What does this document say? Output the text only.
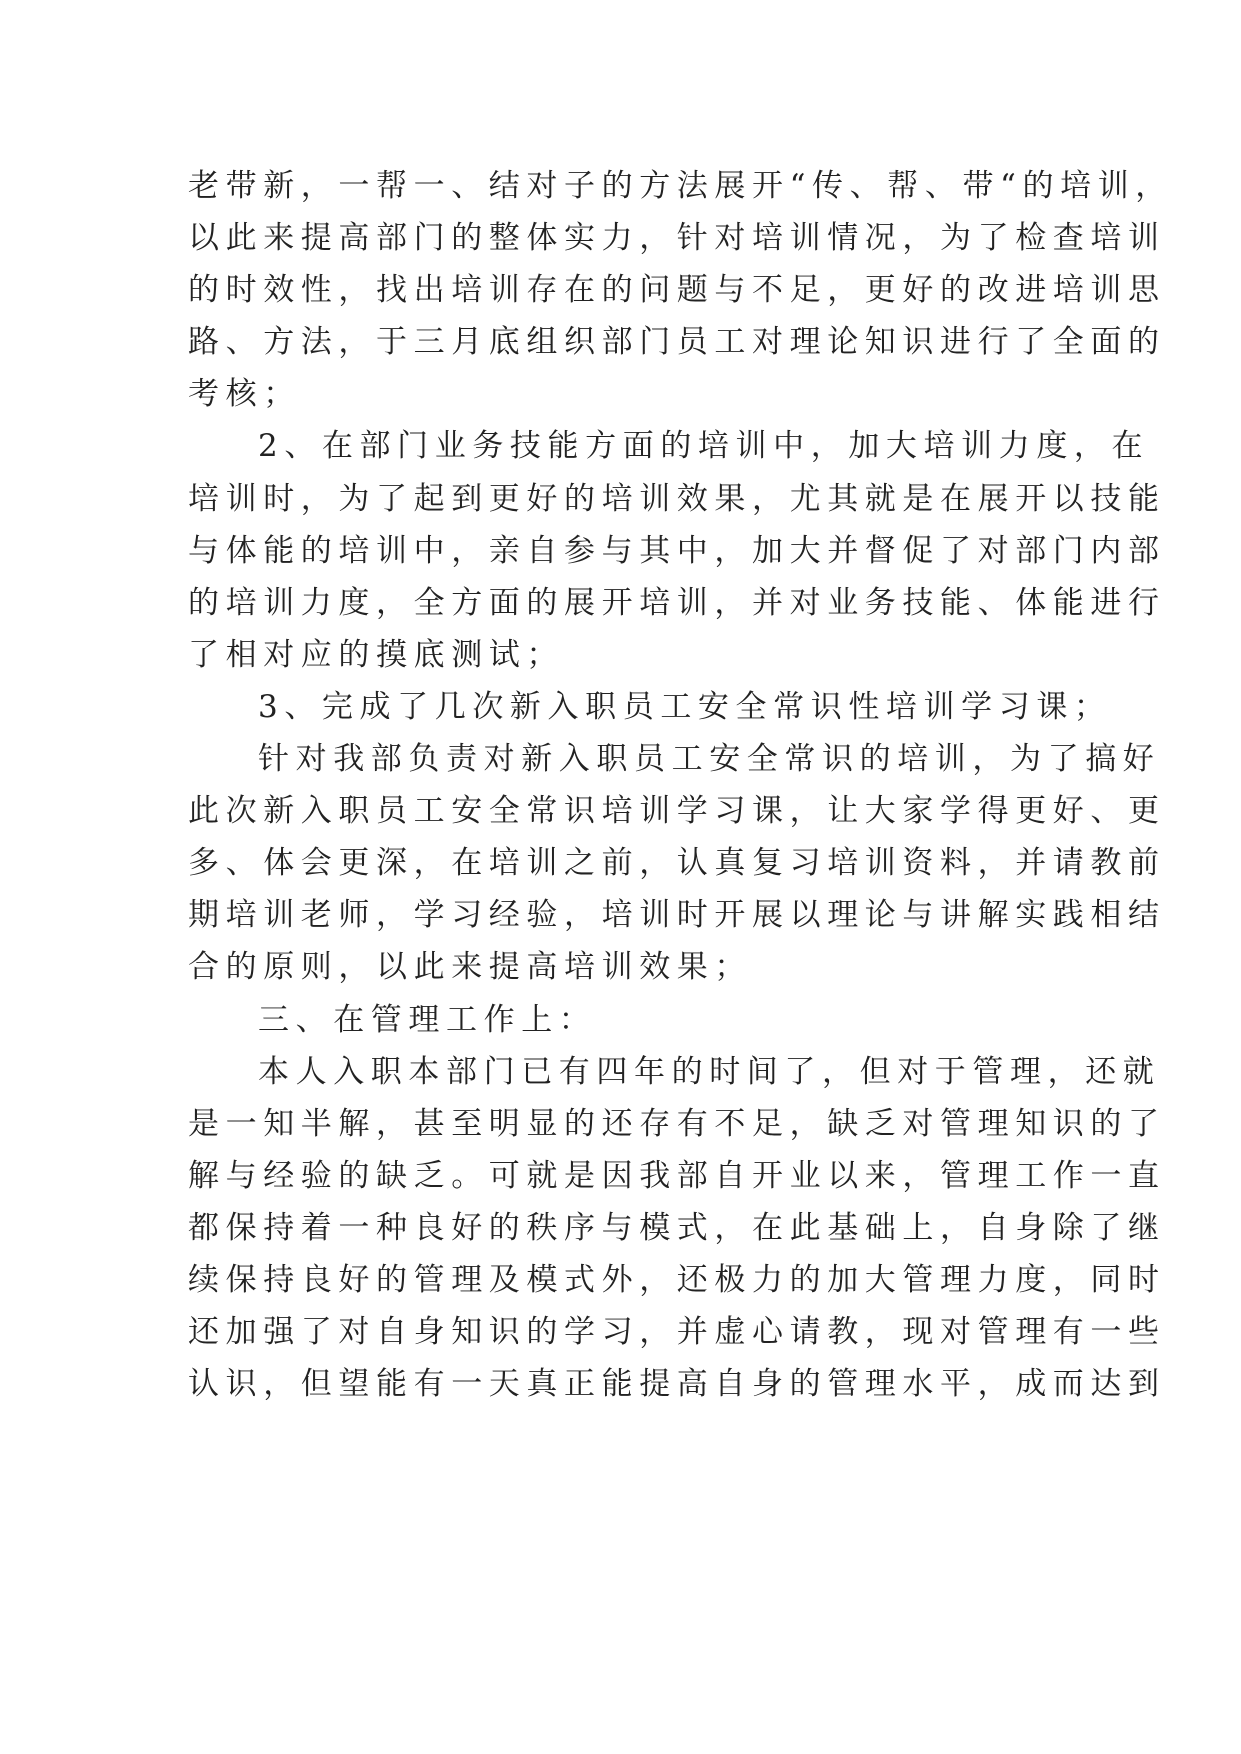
老带新，一帮一、结对子的方法展开“传、帮、带“的培训，
以此来提高部门的整体实力，针对培训情况，为了检查培训
的时效性，找出培训存在的问题与不足，更好的改进培训思
路、方法，于三月底组织部门员工对理论知识进行了全面的
考核；
2、在部门业务技能方面的培训中，加大培训力度，在
培训时，为了起到更好的培训效果，尤其就是在展开以技能
与体能的培训中，亲自参与其中，加大并督促了对部门内部
的培训力度，全方面的展开培训，并对业务技能、体能进行
了相对应的摸底测试；
3、完成了几次新入职员工安全常识性培训学习课；
针对我部负责对新入职员工安全常识的培训，为了搞好
此次新入职员工安全常识培训学习课，让大家学得更好、更
多、体会更深，在培训之前，认真复习培训资料，并请教前
期培训老师，学习经验，培训时开展以理论与讲解实践相结
合的原则，以此来提高培训效果；
三、在管理工作上：
本人入职本部门已有四年的时间了，但对于管理，还就
是一知半解，甚至明显的还存有不足，缺乏对管理知识的了
解与经验的缺乏。可就是因我部自开业以来，管理工作一直
都保持着一种良好的秩序与模式，在此基础上，自身除了继
续保持良好的管理及模式外，还极力的加大管理力度，同时
还加强了对自身知识的学习，并虚心请教，现对管理有一些
认识，但望能有一天真正能提高自身的管理水平，成而达到
